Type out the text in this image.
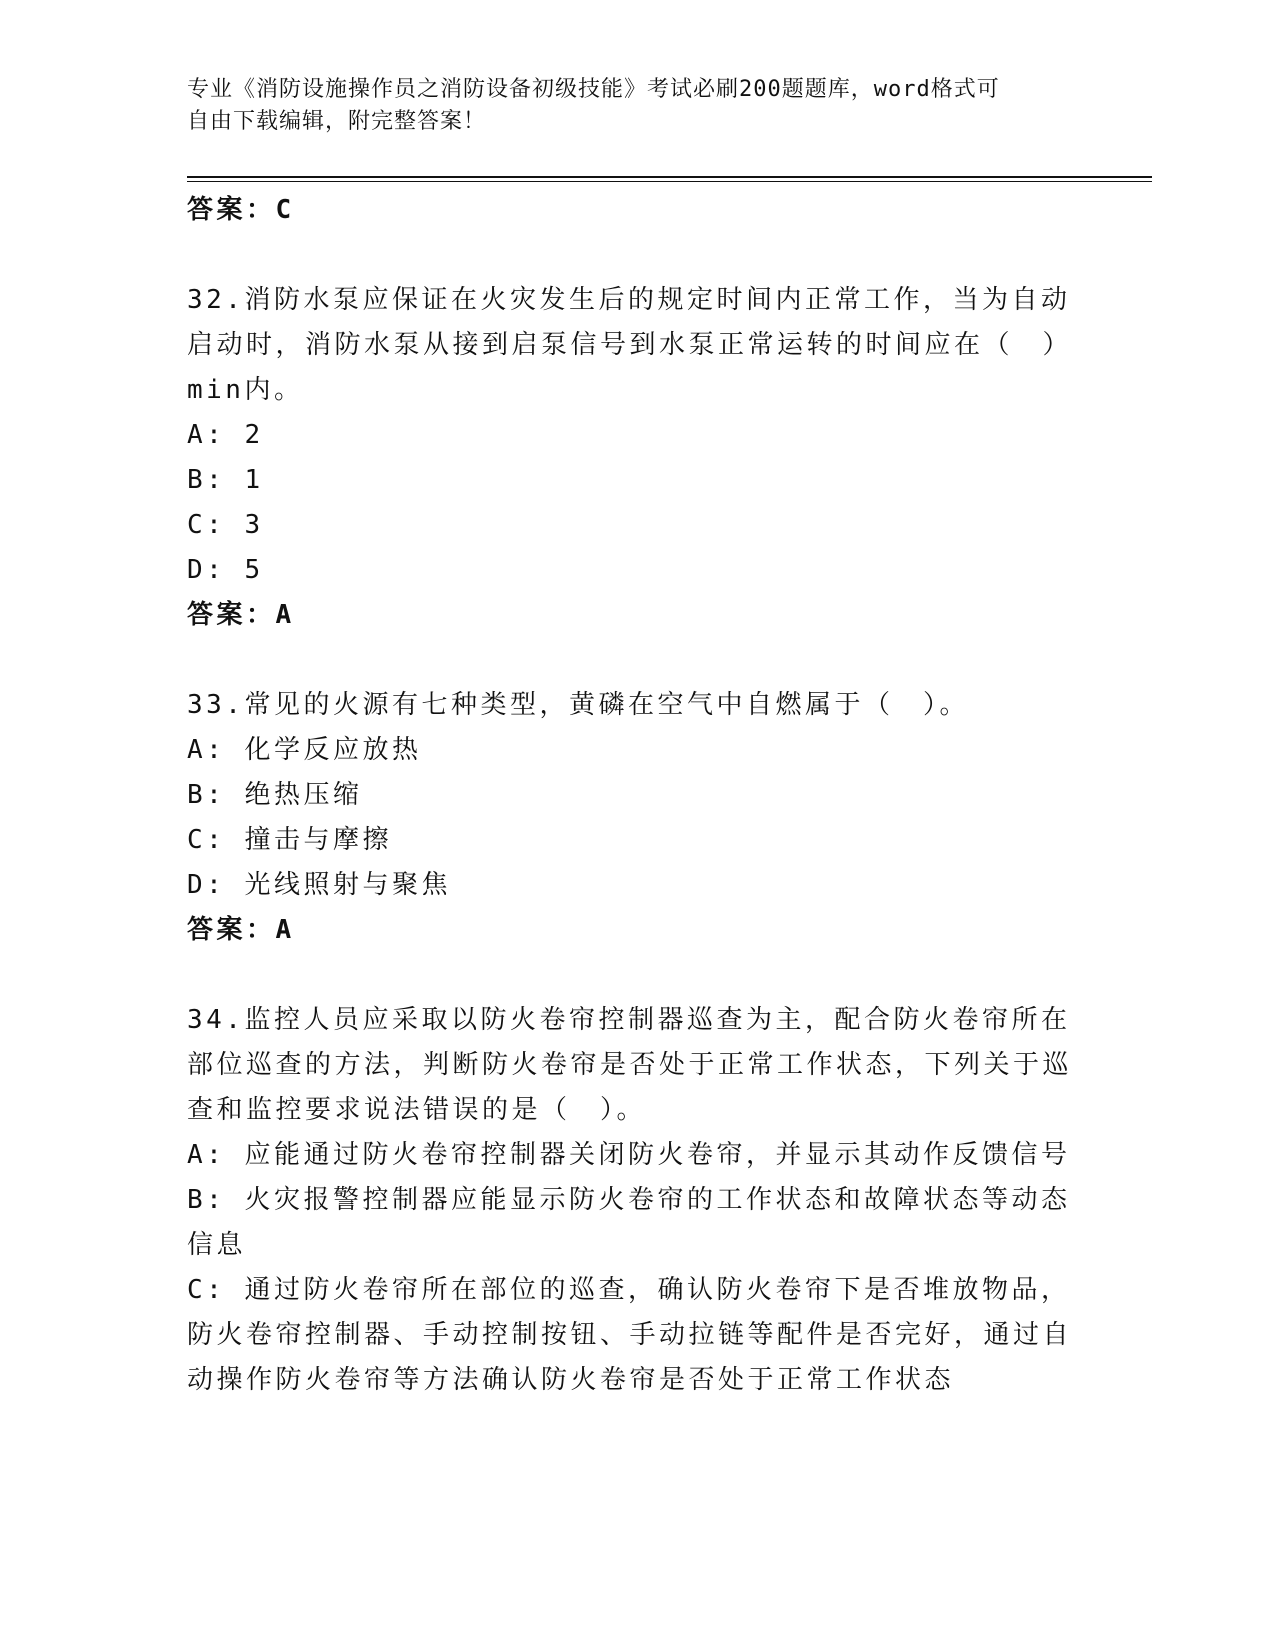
专业《消防设施操作员之消防设备初级技能》考试必刷200题题库，word格式可
自由下载编辑，附完整答案！
答案：C
32.消防水泵应保证在火灾发生后的规定时间内正常工作，当为自动启动时，消防水泵从接到启泵信号到水泵正常运转的时间应在（　）min内。
A: 2
B: 1
C: 3
D: 5
答案：A
33.常见的火源有七种类型，黄磷在空气中自燃属于（　）。
A: 化学反应放热
B: 绝热压缩
C: 撞击与摩擦
D: 光线照射与聚焦
答案：A
34.监控人员应采取以防火卷帘控制器巡查为主，配合防火卷帘所在部位巡查的方法，判断防火卷帘是否处于正常工作状态，下列关于巡查和监控要求说法错误的是（　）。
A: 应能通过防火卷帘控制器关闭防火卷帘，并显示其动作反馈信号
B: 火灾报警控制器应能显示防火卷帘的工作状态和故障状态等动态信息
C: 通过防火卷帘所在部位的巡查，确认防火卷帘下是否堆放物品，防火卷帘控制器、手动控制按钮、手动拉链等配件是否完好，通过自动操作防火卷帘等方法确认防火卷帘是否处于正常工作状态
